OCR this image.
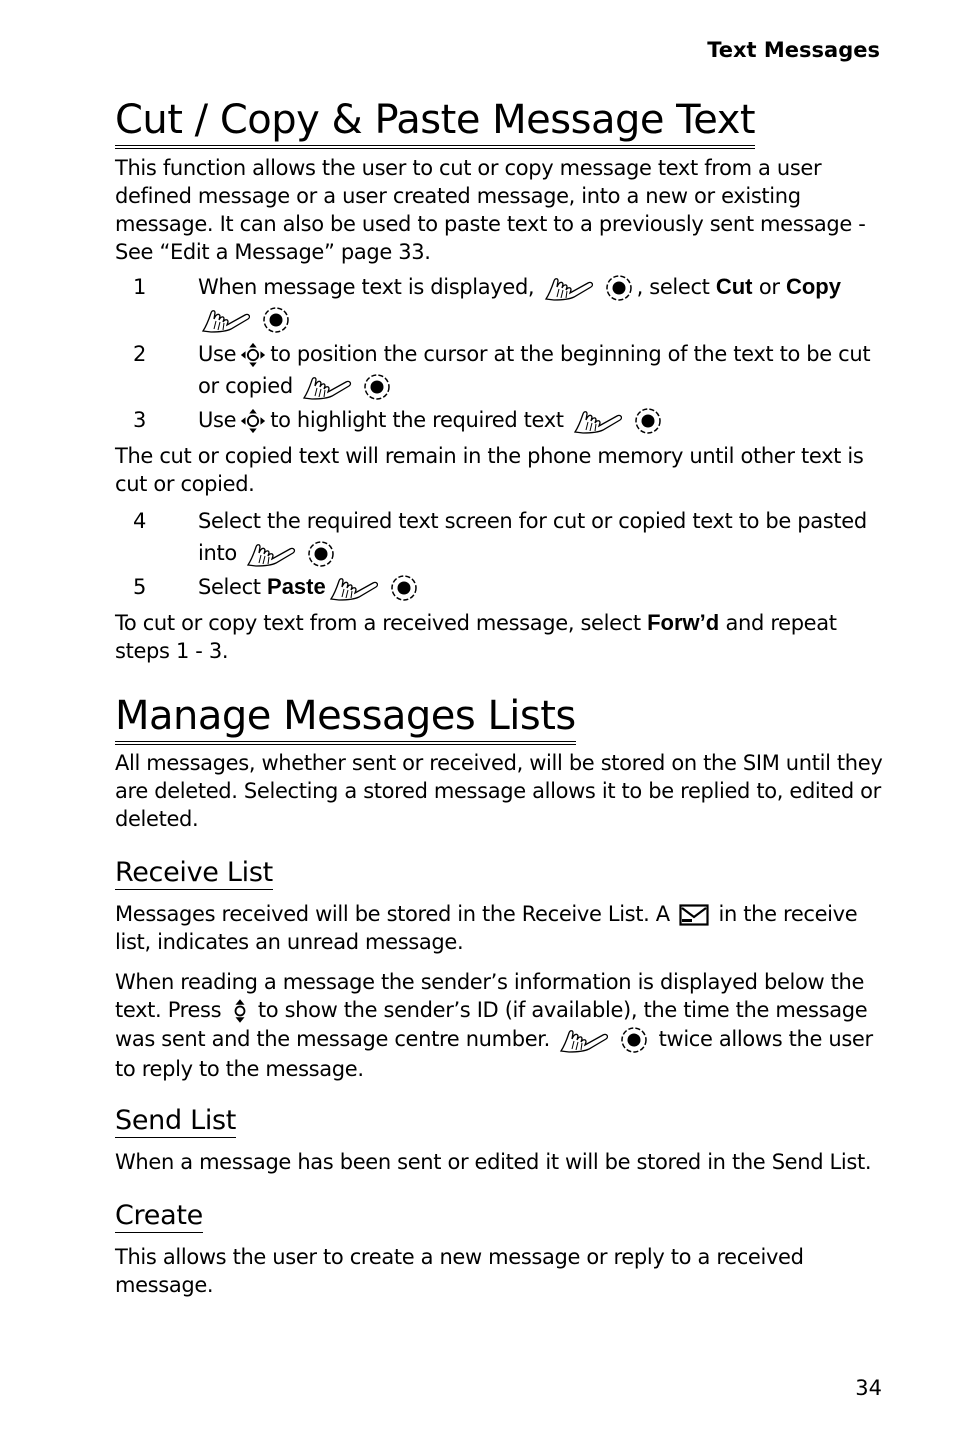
Text Messages
Cut / Copy & Paste Message Text

This function allows the user to cut or copy message text from a user defined message or a user created message, into a new or existing message. It can also be used to paste text to a previously sent message - See “Edit a Message” page 33.

1	When message text is displayed,	, select Cut or Copy
2	Use to position the cursor at the beginning of the text to be cut or copied
3	Use to highlight the required text

The cut or copied text will remain in the phone memory until other text is cut or copied.

4	Select the required text screen for cut or copied text to be pasted into
5	Select Paste

To cut or copy text from a received message, select Forw’d and repeat steps 1 - 3.

Manage Messages Lists

All messages, whether sent or received, will be stored on the SIM until they are deleted. Selecting a stored message allows it to be replied to, edited or deleted.

Receive List

Messages received will be stored in the Receive List. A in the receive list, indicates an unread message.

When reading a message the sender’s information is displayed below the text. Press to show the sender’s ID (if available), the time the message was sent and the message centre number.	twice allows the user to reply to the message.

Send List

When a message has been sent or edited it will be stored in the Send List.

Create

This allows the user to create a new message or reply to a received message.

34
